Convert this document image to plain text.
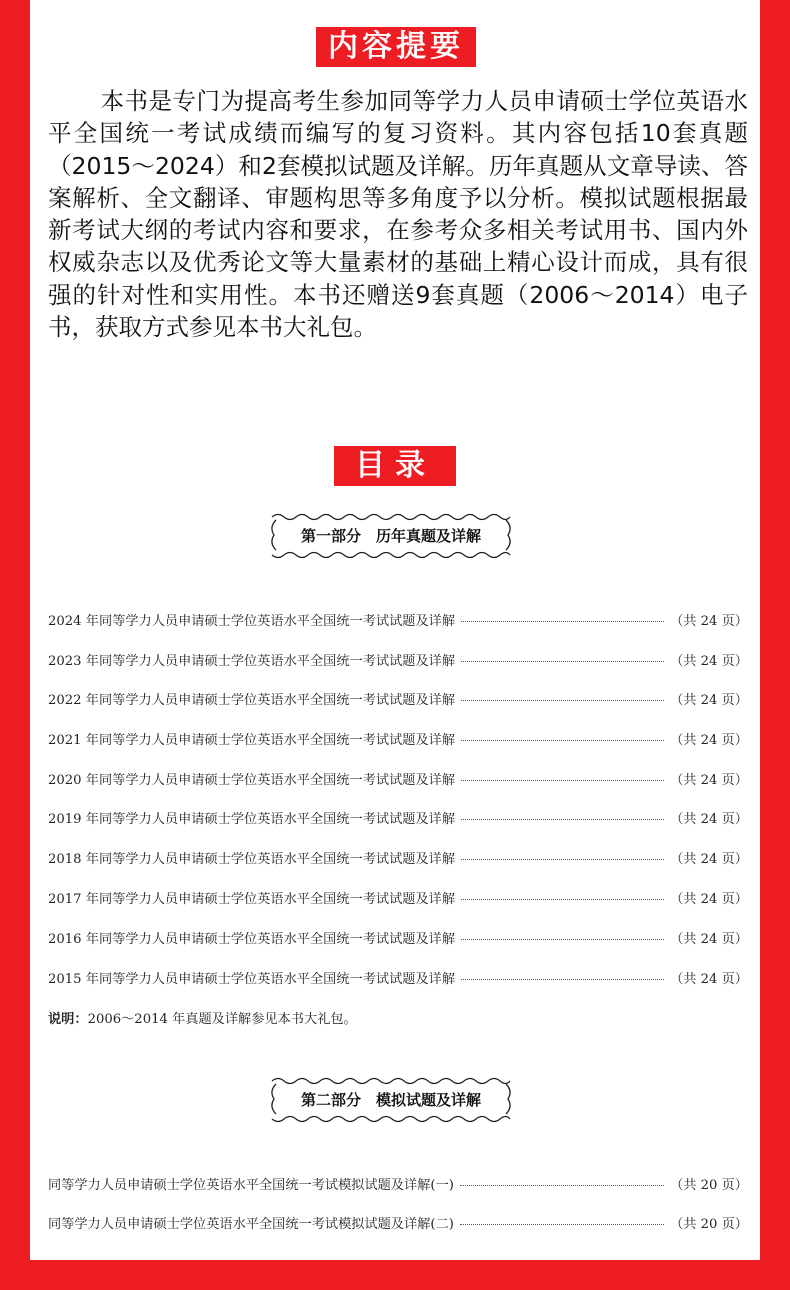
内容提要

本书是专门为提高考生参加同等学力人员申请硕士学位英语水平全国统一考试成绩而编写的复习资料。其内容包括10套真题（2015～2024）和2套模拟试题及详解。历年真题从文章导读、答案解析、全文翻译、审题构思等多角度予以分析。模拟试题根据最新考试大纲的考试内容和要求，在参考众多相关考试用书、国内外权威杂志以及优秀论文等大量素材的基础上精心设计而成，具有很强的针对性和实用性。本书还赠送9套真题（2006～2014）电子书，获取方式参见本书大礼包。

目录
第一部分　历年真题及详解
2024 年同等学力人员申请硕士学位英语水平全国统一考试试题及详解	（共 24 页）
2023 年同等学力人员申请硕士学位英语水平全国统一考试试题及详解	（共 24 页）
2022 年同等学力人员申请硕士学位英语水平全国统一考试试题及详解	（共 24 页）
2021 年同等学力人员申请硕士学位英语水平全国统一考试试题及详解	（共 24 页）
2020 年同等学力人员申请硕士学位英语水平全国统一考试试题及详解	（共 24 页）
2019 年同等学力人员申请硕士学位英语水平全国统一考试试题及详解	（共 24 页）
2018 年同等学力人员申请硕士学位英语水平全国统一考试试题及详解	（共 24 页）
2017 年同等学力人员申请硕士学位英语水平全国统一考试试题及详解	（共 24 页）
2016 年同等学力人员申请硕士学位英语水平全国统一考试试题及详解	（共 24 页）
2015 年同等学力人员申请硕士学位英语水平全国统一考试试题及详解	（共 24 页）
说明：2006～2014 年真题及详解参见本书大礼包。
第二部分　模拟试题及详解
同等学力人员申请硕士学位英语水平全国统一考试模拟试题及详解(一)	（共 20 页）
同等学力人员申请硕士学位英语水平全国统一考试模拟试题及详解(二)	（共 20 页）
